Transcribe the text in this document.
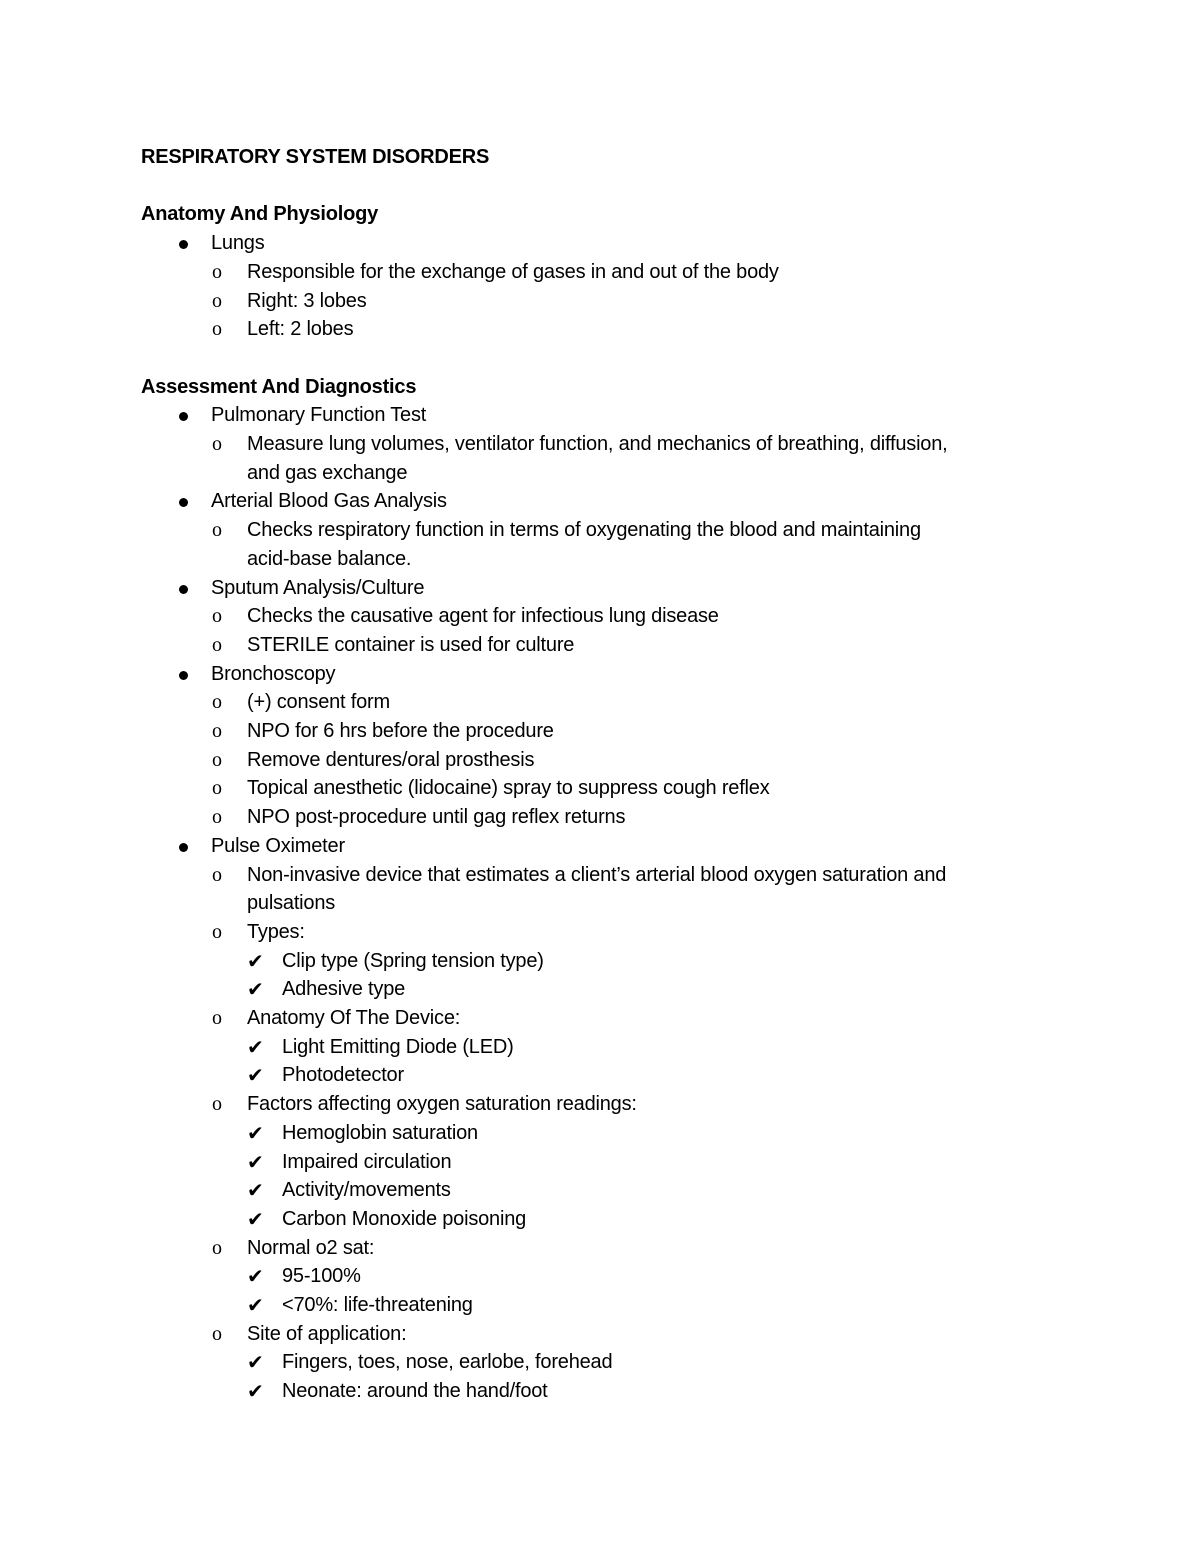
RESPIRATORY SYSTEM DISORDERS
Anatomy And Physiology
Lungs
o Responsible for the exchange of gases in and out of the body
o Right: 3 lobes
o Left: 2 lobes
Assessment And Diagnostics
Pulmonary Function Test
o Measure lung volumes, ventilator function, and mechanics of breathing, diffusion,
and gas exchange
Arterial Blood Gas Analysis
o Checks respiratory function in terms of oxygenating the blood and maintaining
acid-base balance.
Sputum Analysis/Culture
o Checks the causative agent for infectious lung disease
o STERILE container is used for culture
Bronchoscopy
o (+) consent form
o NPO for 6 hrs before the procedure
o Remove dentures/oral prosthesis
o Topical anesthetic (lidocaine) spray to suppress cough reflex
o NPO post-procedure until gag reflex returns
Pulse Oximeter
o Non-invasive device that estimates a client’s arterial blood oxygen saturation and
pulsations
o Types:
✔ Clip type (Spring tension type)
✔ Adhesive type
o Anatomy Of The Device:
✔ Light Emitting Diode (LED)
✔ Photodetector
o Factors affecting oxygen saturation readings:
✔ Hemoglobin saturation
✔ Impaired circulation
✔ Activity/movements
✔ Carbon Monoxide poisoning
o Normal o2 sat:
✔ 95-100%
✔ <70%: life-threatening
o Site of application:
✔ Fingers, toes, nose, earlobe, forehead
✔ Neonate: around the hand/foot
